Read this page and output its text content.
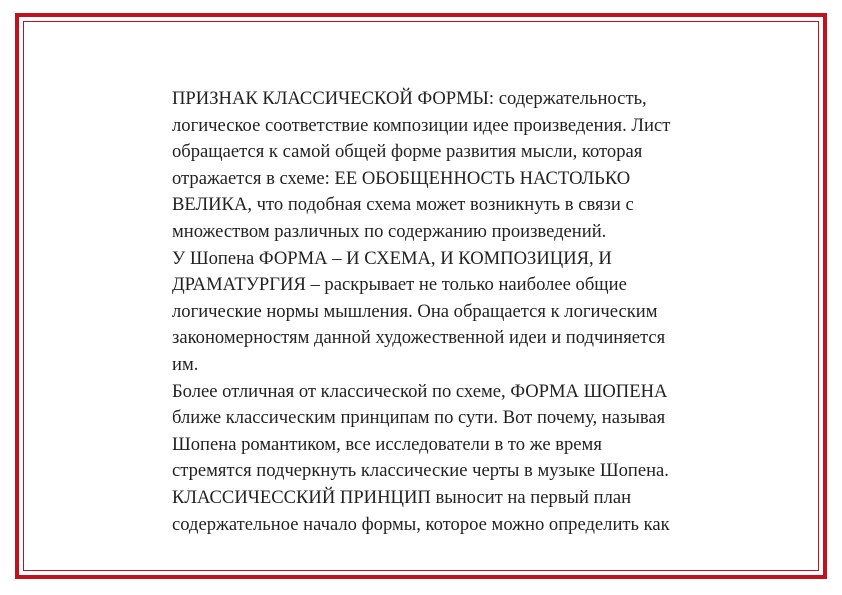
ПРИЗНАК КЛАССИЧЕСКОЙ ФОРМЫ: содержательность,
логическое соответствие композиции идее произведения. Лист
обращается к самой общей форме развития мысли, которая
отражается в схеме: ЕЕ ОБОБЩЕННОСТЬ НАСТОЛЬКО
ВЕЛИКА, что подобная схема может возникнуть в связи с
множеством различных по содержанию произведений.

У Шопена ФОРМА – И СХЕМА, И КОМПОЗИЦИЯ, И
ДРАМАТУРГИЯ – раскрывает не только наиболее общие
логические нормы мышления. Она обращается к логическим
закономерностям данной художественной идеи и подчиняется
им.

Более отличная от классической по схеме, ФОРМА ШОПЕНА
ближе классическим принципам по сути. Вот почему, называя
Шопена романтиком, все исследователи в то же время
стремятся подчеркнуть классические черты в музыке Шопена.

КЛАССИЧЕССКИЙ ПРИНЦИП выносит на первый план
содержательное начало формы, которое можно определить как
